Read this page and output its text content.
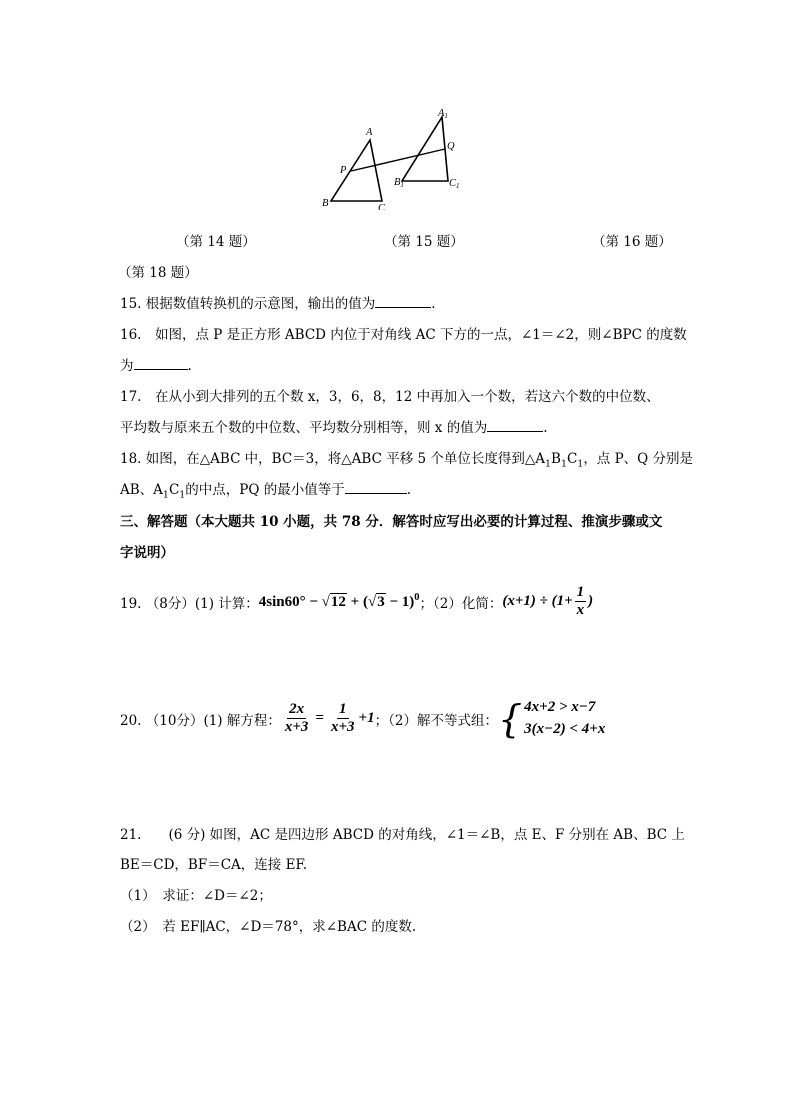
A
B	C
P
Q
A1
B1	C1
（第 14 题）	（第 15 题）	（第 16 题）
（第 18 题）
15. 根据数值转换机的示意图，输出的值为	.
16.　如图，点 P 是正方形 ABCD 内位于对角线 AC 下方的一点，∠1＝∠2，则∠BPC 的度数
为	.
17.　在从小到大排列的五个数 x，3，6，8，12 中再加入一个数，若这六个数的中位数、
平均数与原来五个数的中位数、平均数分别相等，则 x 的值为	.
18. 如图，在△ABC 中，BC＝3，将△ABC 平移 5 个单位长度得到$\triangle A_1B_1C_1$，点 P、Q 分别是
AB、$A_1C_1$的中点，PQ 的最小值等于	.
三、解答题（本大题共 10 小题，共 78 分．解答时应写出必要的计算过程、推演步骤或文
字说明）
19. （8分）(1) 计算： $4\sin 60^\circ - √12 + (√3 - 1)^0$ ；（2）化简： $(x+1) \div (1+ \frac{1}{x}$ )
20. （10分）(1) 解方程： $\frac{2x}{x+3} = \frac{1}{x+3} +1$ ；（2）解不等式组： { 4x+2 > x−7
3(x−2) < 4+x
21.　　(6 分) 如图，AC 是四边形 ABCD 的对角线，∠1＝∠B，点 E、F 分别在 AB、BC 上
BE＝CD，BF＝CA，连接 EF.
（1）　求证：∠D＝∠2；
（2）　若 EF∥AC，∠D＝78°，求∠BAC 的度数.
